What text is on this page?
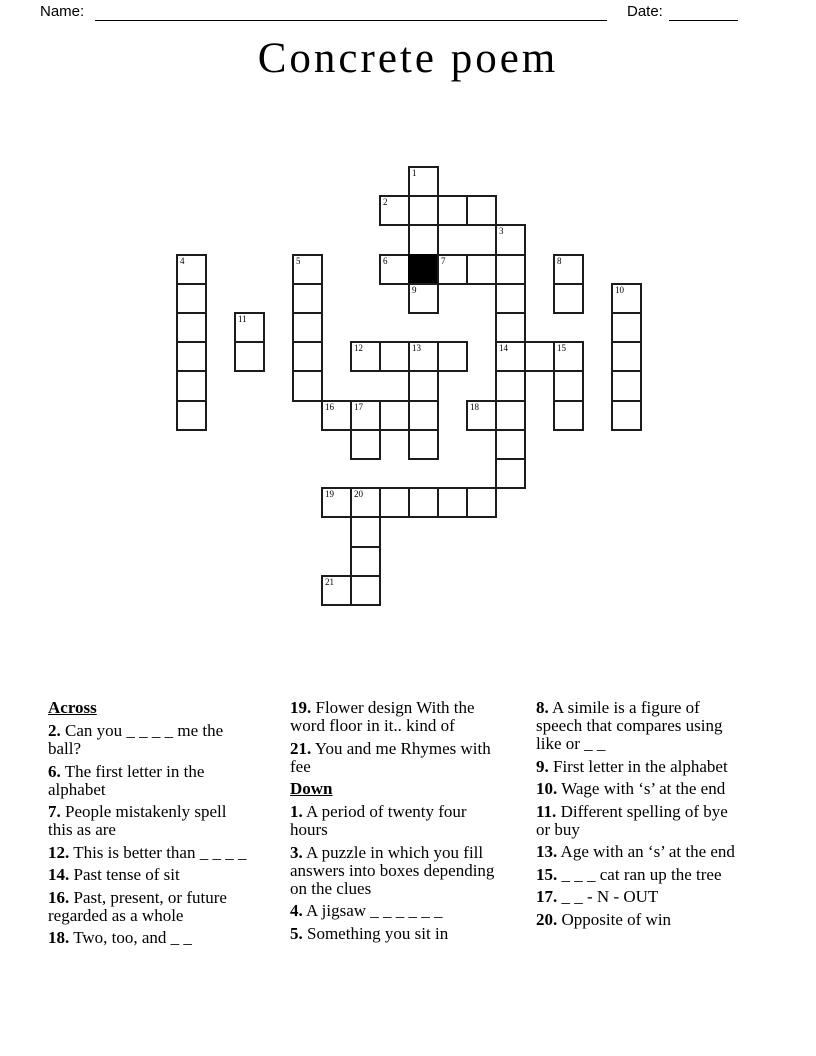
Name:	Date:
Concrete poem
1
2
3
4	5	6	7	8
9	10
11
12	13	14	15
16 17	18
19 20
21
Across

2. Can you _ _ _ _ me the ball?

6. The first letter in the alphabet

7. People mistakenly spell this as are

12. This is better than _ _ _ _

14. Past tense of sit

16. Past, present, or future regarded as a whole

18. Two, too, and _ _

19. Flower design With the word floor in it.. kind of

21. You and me Rhymes with fee

Down

1. A period of twenty four hours

3. A puzzle in which you fill answers into boxes depending on the clues

4. A jigsaw _ _ _ _ _ _

5. Something you sit in

8. A simile is a figure of speech that compares using like or _ _

9. First letter in the alphabet

10. Wage with ‘s’ at the end

11. Different spelling of bye or buy

13. Age with an ‘s’ at the end

15. _ _ _ cat ran up the tree

17. _ _ - N - OUT

20. Opposite of win
